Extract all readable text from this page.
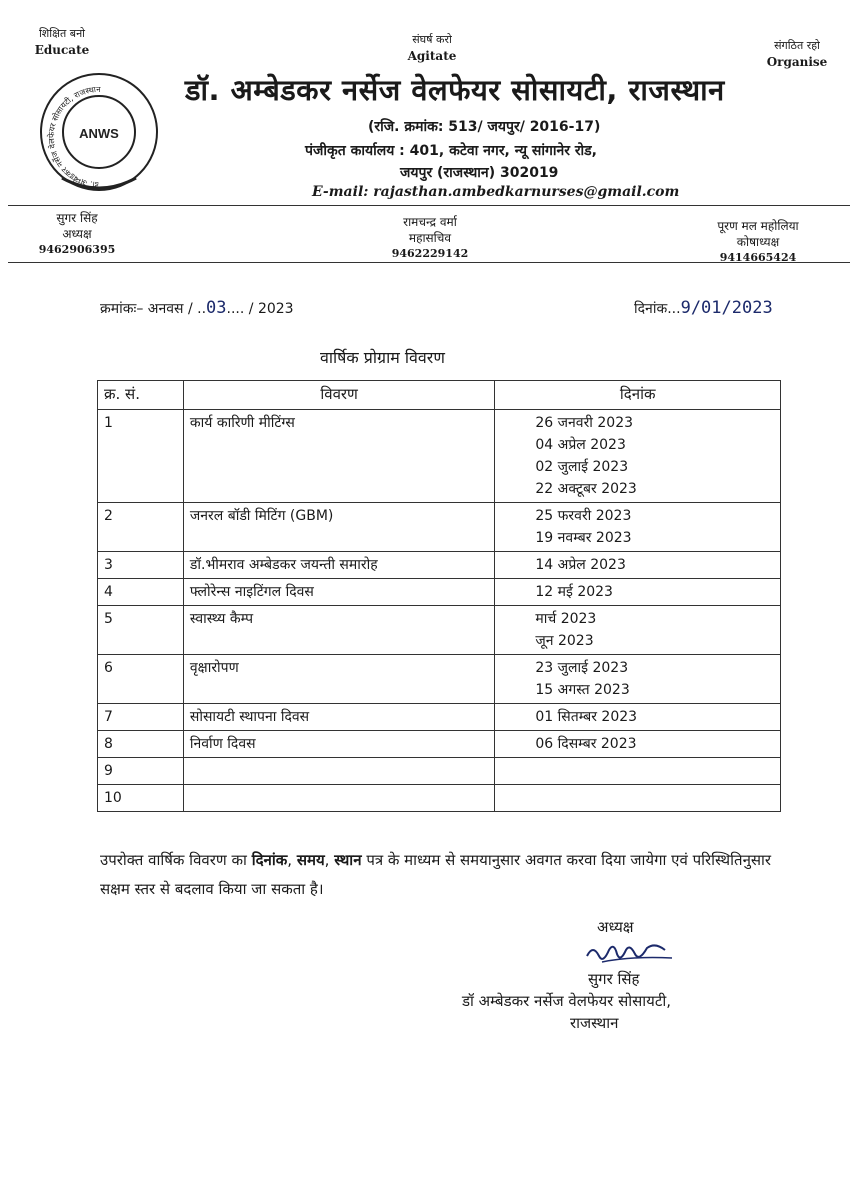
शिक्षित बनो
Educate
संघर्ष करो
Agitate
संगठित रहो
Organise
डॉ. अम्बेडकर नर्सेज वेलफेयर सोसायटी, राजस्थान
ANWS
डॉ. अम्बेडकर नर्सेज वेलफेयर सोसायटी, राजस्थान
(रजि. क्रमांक: 513/ जयपुर/ 2016-17)
पंजीकृत कार्यालय : 401, कटेवा नगर, न्यू सांगानेर रोड,
जयपुर (राजस्थान) 302019
E-mail: rajasthan.ambedkarnurses@gmail.com
सुगर सिंह
अध्यक्ष
9462906395
रामचन्द्र वर्मा
महासचिव
9462229142
पूरण मल महोलिया
कोषाध्यक्ष
9414665424
क्रमांकः– अनवस / ..03.... / 2023	दिनांक...9/01/2023
वार्षिक प्रोग्राम विवरण
क्र. सं.	विवरण	दिनांक
1	कार्य कारिणी मीटिंग्स	26 जनवरी 2023
04 अप्रेल 2023
02 जुलाई 2023
22 अक्टूबर 2023

2	जनरल बॉडी मिटिंग (GBM)	25 फरवरी 2023
19 नवम्बर 2023

3	डॉ.भीमराव अम्बेडकर जयन्ती समारोह	14 अप्रेल 2023

4	फ्लोरेन्स नाइटिंगल दिवस	12 मई 2023

5	स्वास्थ्य कैम्प	मार्च 2023
जून 2023

6	वृक्षारोपण	23 जुलाई 2023
15 अगस्त 2023

7	सोसायटी स्थापना दिवस	01 सितम्बर 2023

8	निर्वाण दिवस	06 दिसम्बर 2023

9		
10		
उपरोक्त वार्षिक विवरण का दिनांक, समय, स्थान पत्र के माध्यम से समयानुसार अवगत करवा दिया जायेगा एवं परिस्थितिनुसार सक्षम स्तर से बदलाव किया जा सकता है।
अध्यक्ष
सुगर सिंह
डॉ अम्बेडकर नर्सेज वेलफेयर सोसायटी,
राजस्थान
